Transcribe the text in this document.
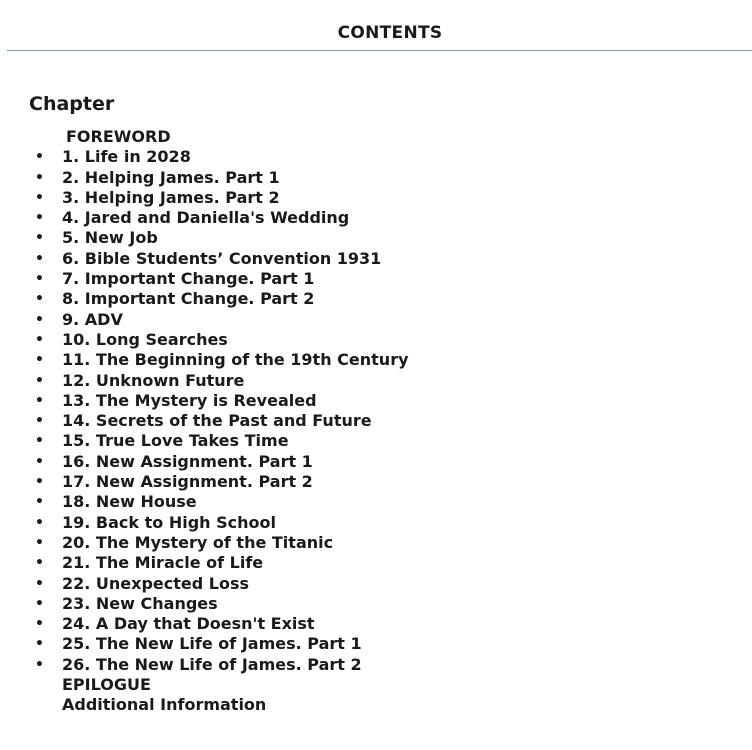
CONTENTS
Chapter
FOREWORD
• 1. Life in 2028
• 2. Helping James. Part 1
• 3. Helping James. Part 2
• 4. Jared and Daniella's Wedding
• 5. New Job
• 6. Bible Students’ Convention 1931
• 7. Important Change. Part 1
• 8. Important Change. Part 2
• 9. ADV
• 10. Long Searches
• 11. The Beginning of the 19th Century
• 12. Unknown Future
• 13. The Mystery is Revealed
• 14. Secrets of the Past and Future
• 15. True Love Takes Time
• 16. New Assignment. Part 1
• 17. New Assignment. Part 2
• 18. New House
• 19. Back to High School
• 20. The Mystery of the Titanic
• 21. The Miracle of Life
• 22. Unexpected Loss
• 23. New Changes
• 24. A Day that Doesn't Exist
• 25. The New Life of James. Part 1
• 26. The New Life of James. Part 2
EPILOGUE
Additional Information
